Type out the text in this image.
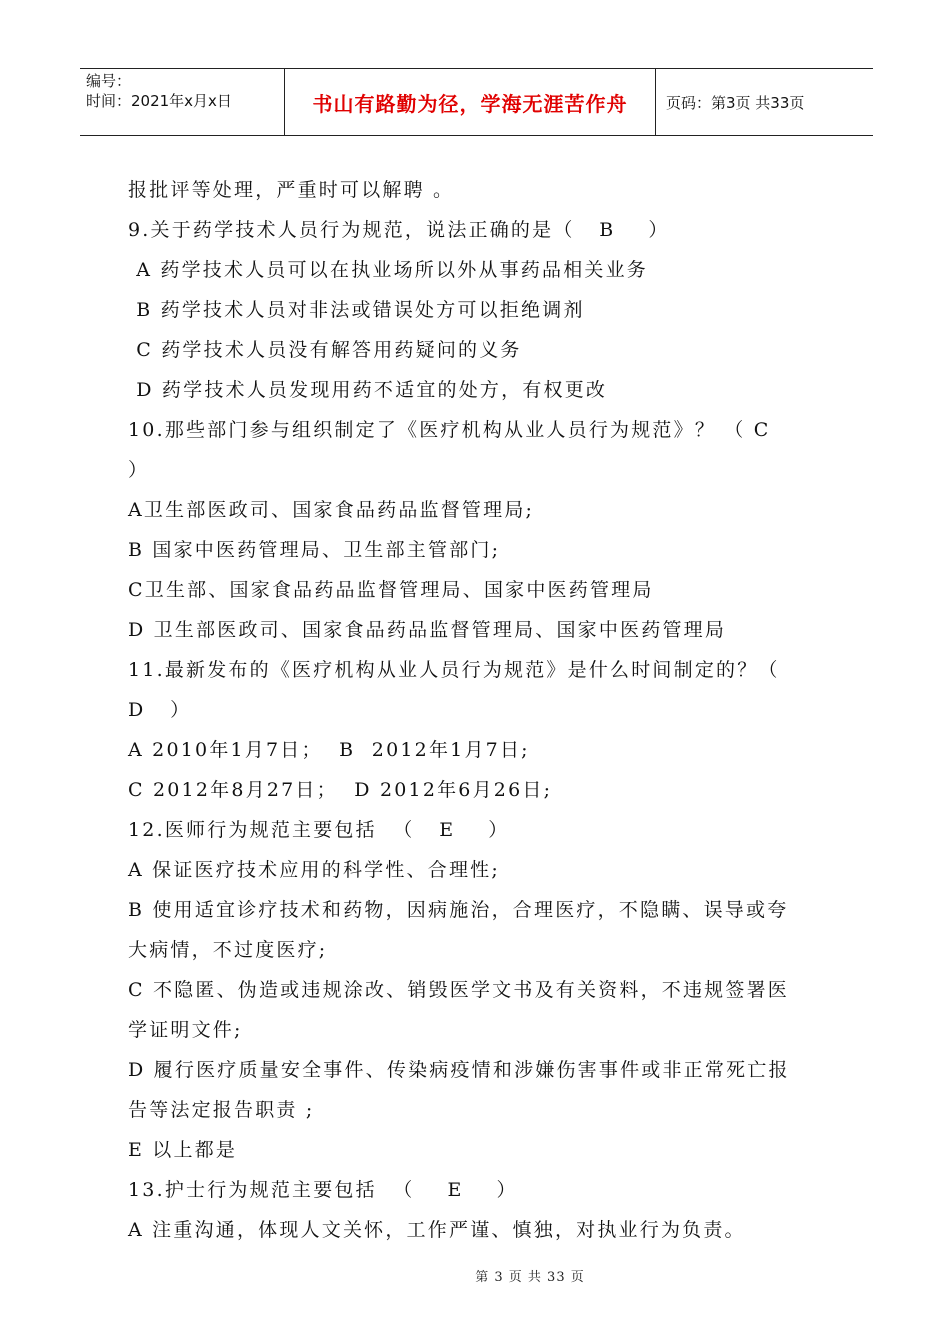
编号：
时间：2021年x月x日	书山有路勤为径，学海无涯苦作舟	页码：第3页 共33页
报批评等处理，严重时可以解聘 。
9.关于药学技术人员行为规范，说法正确的是（   B    ）
A 药学技术人员可以在执业场所以外从事药品相关业务
B 药学技术人员对非法或错误处方可以拒绝调剂
C 药学技术人员没有解答用药疑问的义务
D 药学技术人员发现用药不适宜的处方，有权更改
10.那些部门参与组织制定了《医疗机构从业人员行为规范》？ （ C
）
A卫生部医政司、国家食品药品监督管理局;
B 国家中医药管理局、卫生部主管部门;
C卫生部、国家食品药品监督管理局、国家中医药管理局
D 卫生部医政司、国家食品药品监督管理局、国家中医药管理局
11.最新发布的《医疗机构从业人员行为规范》是什么时间制定的？（
D   ）
A 2010年1月7日；  B  2012年1月7日;
C 2012年8月27日；  D 2012年6月26日;
12.医师行为规范主要包括  （   E    ）
A 保证医疗技术应用的科学性、合理性;
B 使用适宜诊疗技术和药物，因病施治，合理医疗，不隐瞒、误导或夸
大病情，不过度医疗;
C 不隐匿、伪造或违规涂改、销毁医学文书及有关资料，不违规签署医
学证明文件;
D 履行医疗质量安全事件、传染病疫情和涉嫌伤害事件或非正常死亡报
告等法定报告职责 ;
E 以上都是
13.护士行为规范主要包括  （    E    ）
A 注重沟通，体现人文关怀，工作严谨、慎独，对执业行为负责。
第 3 页 共 33 页
